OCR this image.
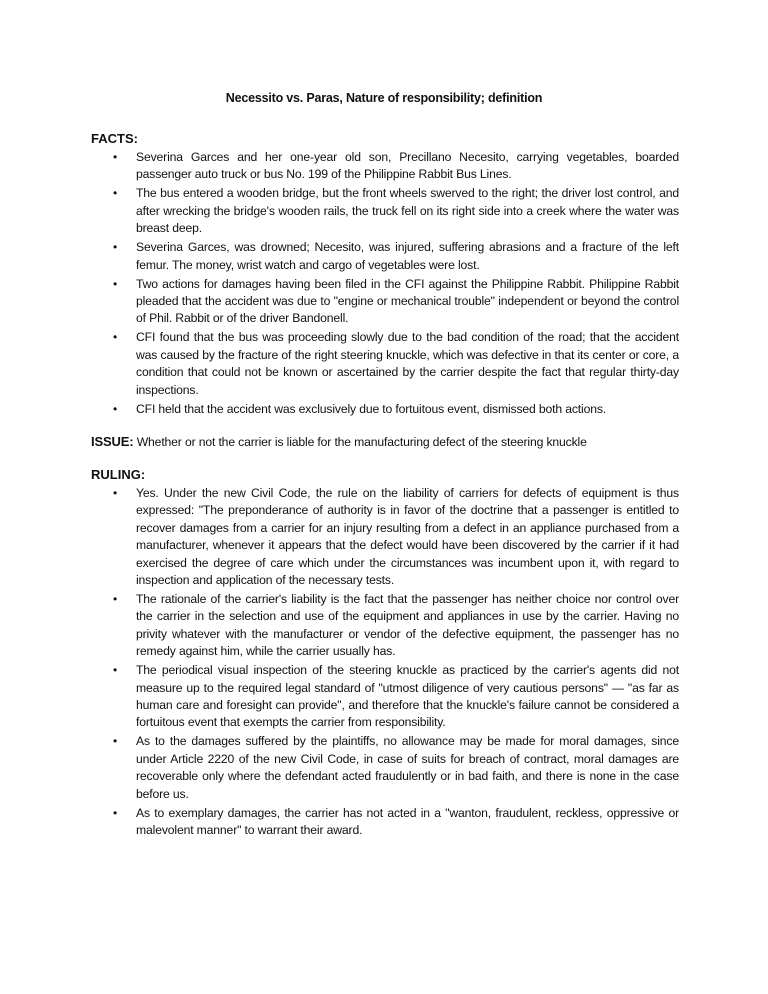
Necessito vs. Paras, Nature of responsibility; definition
FACTS:
• Severina Garces and her one-year old son, Precillano Necesito, carrying vegetables, boarded passenger auto truck or bus No. 199 of the Philippine Rabbit Bus Lines.
• The bus entered a wooden bridge, but the front wheels swerved to the right; the driver lost control, and after wrecking the bridge's wooden rails, the truck fell on its right side into a creek where the water was breast deep.
• Severina Garces, was drowned; Necesito, was injured, suffering abrasions and a fracture of the left femur. The money, wrist watch and cargo of vegetables were lost.
• Two actions for damages having been filed in the CFI against the Philippine Rabbit. Philippine Rabbit pleaded that the accident was due to "engine or mechanical trouble" independent or beyond the control of Phil. Rabbit or of the driver Bandonell.
• CFI found that the bus was proceeding slowly due to the bad condition of the road; that the accident was caused by the fracture of the right steering knuckle, which was defective in that its center or core, a condition that could not be known or ascertained by the carrier despite the fact that regular thirty-day inspections.
• CFI held that the accident was exclusively due to fortuitous event, dismissed both actions.
ISSUE: Whether or not the carrier is liable for the manufacturing defect of the steering knuckle
RULING:
• Yes. Under the new Civil Code, the rule on the liability of carriers for defects of equipment is thus expressed: "The preponderance of authority is in favor of the doctrine that a passenger is entitled to recover damages from a carrier for an injury resulting from a defect in an appliance purchased from a manufacturer, whenever it appears that the defect would have been discovered by the carrier if it had exercised the degree of care which under the circumstances was incumbent upon it, with regard to inspection and application of the necessary tests.
• The rationale of the carrier's liability is the fact that the passenger has neither choice nor control over the carrier in the selection and use of the equipment and appliances in use by the carrier. Having no privity whatever with the manufacturer or vendor of the defective equipment, the passenger has no remedy against him, while the carrier usually has.
• The periodical visual inspection of the steering knuckle as practiced by the carrier's agents did not measure up to the required legal standard of "utmost diligence of very cautious persons" — "as far as human care and foresight can provide", and therefore that the knuckle's failure cannot be considered a fortuitous event that exempts the carrier from responsibility.
• As to the damages suffered by the plaintiffs, no allowance may be made for moral damages, since under Article 2220 of the new Civil Code, in case of suits for breach of contract, moral damages are recoverable only where the defendant acted fraudulently or in bad faith, and there is none in the case before us.
• As to exemplary damages, the carrier has not acted in a "wanton, fraudulent, reckless, oppressive or malevolent manner" to warrant their award.
